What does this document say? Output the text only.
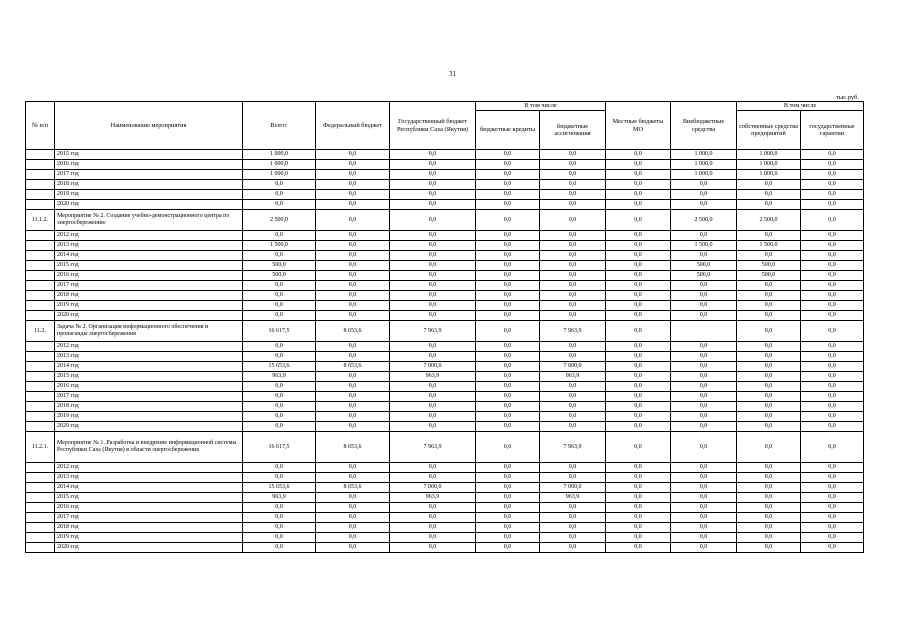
31
тыс.руб.
№ п/п	Наименование мероприятия	Всего:	Федеральный бюджет	Государственный бюджет Республики Саха (Якутия)	В том числе		Местные бюджеты МО	Внебюджетные средства	В том числе	
					бюджетные кредиты	бюджетные ассигнования			собственные средства предприятий	государственные гарантии
	2015 год	1 000,0	0,0	0,0	0,0	0,0	0,0	1 000,0	1 000,0	0,0
	2016 год	1 000,0	0,0	0,0	0,0	0,0	0,0	1 000,0	1 000,0	0,0
	2017 год	1 000,0	0,0	0,0	0,0	0,0	0,0	1 000,0	1 000,0	0,0
	2018 год	0,0	0,0	0,0	0,0	0,0	0,0	0,0	0,0	0,0
	2019 год	0,0	0,0	0,0	0,0	0,0	0,0	0,0	0,0	0,0
	2020 год	0,0	0,0	0,0	0,0	0,0	0,0	0,0	0,0	0,0
11.1.2.	Мероприятие № 2. Создание учебно-демонстрационного центра по энергосбережению	2 500,0	0,0	0,0	0,0	0,0	0,0	2 500,0	2 500,0	0,0
	2012 год	0,0	0,0	0,0	0,0	0,0	0,0	0,0	0,0	0,0
	2013 год	1 500,0	0,0	0,0	0,0	0,0	0,0	1 500,0	1 500,0	0,0
	2014 год	0,0	0,0	0,0	0,0	0,0	0,0	0,0	0,0	0,0
	2015 год	500,0	0,0	0,0	0,0	0,0	0,0	500,0	500,0	0,0
	2016 год	500,0	0,0	0,0	0,0	0,0	0,0	500,0	500,0	0,0
	2017 год	0,0	0,0	0,0	0,0	0,0	0,0	0,0	0,0	0,0
	2018 год	0,0	0,0	0,0	0,0	0,0	0,0	0,0	0,0	0,0
	2019 год	0,0	0,0	0,0	0,0	0,0	0,0	0,0	0,0	0,0
	2020 год	0,0	0,0	0,0	0,0	0,0	0,0	0,0	0,0	0,0
11.2.	Задача № 2. Организация информационного обеспечения и пропаганды энергосбережения	16 617,5	8 653,6	7 963,9	0,0	7 963,9	0,0		0,0	0,0
	2012 год	0,0	0,0	0,0	0,0	0,0	0,0	0,0	0,0	0,0
	2013 год	0,0	0,0	0,0	0,0	0,0	0,0	0,0	0,0	0,0
	2014 год	15 653,6	8 653,6	7 000,0	0,0	7 000,0	0,0	0,0	0,0	0,0
	2015 год	963,9	0,0	963,9	0,0	963,9	0,0	0,0	0,0	0,0
	2016 год	0,0	0,0	0,0	0,0	0,0	0,0	0,0	0,0	0,0
	2017 год	0,0	0,0	0,0	0,0	0,0	0,0	0,0	0,0	0,0
	2018 год	0,0	0,0	0,0	0,0	0,0	0,0	0,0	0,0	0,0
	2019 год	0,0	0,0	0,0	0,0	0,0	0,0	0,0	0,0	0,0
	2020 год	0,0	0,0	0,0	0,0	0,0	0,0	0,0	0,0	0,0
11.2.1.	Мероприятие № 1. Разработка и внедрение информационной системы Республики Саха (Якутия) в области энергосбережения	16 617,5	8 653,6	7 963,9	0,0	7 963,9	0,0	0,0	0,0	0,0
	2012 год	0,0	0,0	0,0	0,0	0,0	0,0	0,0	0,0	0,0
	2013 год	0,0	0,0	0,0	0,0	0,0	0,0	0,0	0,0	0,0
	2014 год	15 653,6	8 653,6	7 000,0	0,0	7 000,0	0,0	0,0	0,0	0,0
	2015 год	963,9	0,0	963,9	0,0	963,9	0,0	0,0	0,0	0,0
	2016 год	0,0	0,0	0,0	0,0	0,0	0,0	0,0	0,0	0,0
	2017 год	0,0	0,0	0,0	0,0	0,0	0,0	0,0	0,0	0,0
	2018 год	0,0	0,0	0,0	0,0	0,0	0,0	0,0	0,0	0,0
	2019 год	0,0	0,0	0,0	0,0	0,0	0,0	0,0	0,0	0,0
	2020 год	0,0	0,0	0,0	0,0	0,0	0,0	0,0	0,0	0,0
